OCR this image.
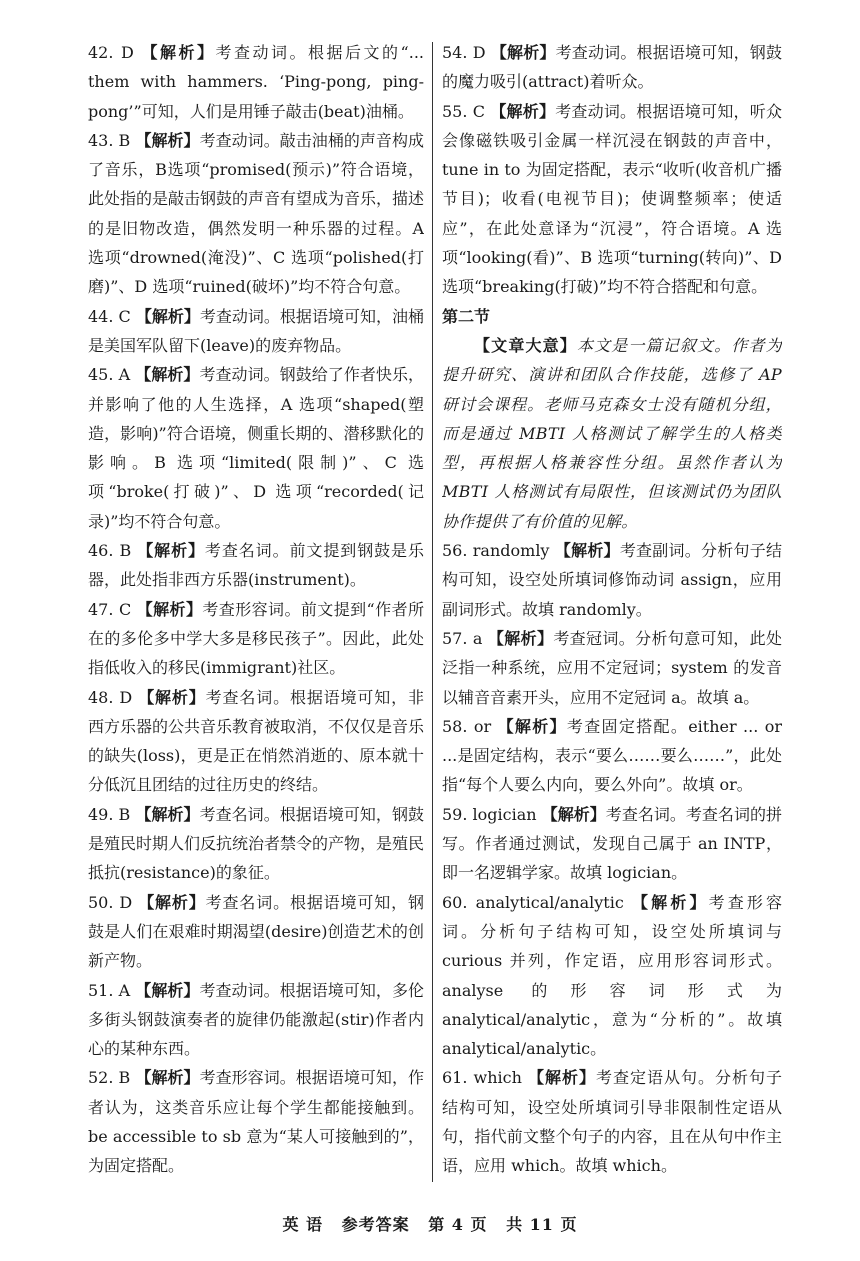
42. D 【解析】考查动词。根据后文的“... them with hammers. ‘Ping-pong, ping-pong’”可知，人们是用锤子敲击(beat)油桶。
43. B 【解析】考查动词。敲击油桶的声音构成了音乐，B选项“promised(预示)”符合语境，此处指的是敲击钢鼓的声音有望成为音乐，描述的是旧物改造，偶然发明一种乐器的过程。A 选项“drowned(淹没)”、C 选项“polished(打磨)”、D 选项“ruined(破坏)”均不符合句意。
44. C 【解析】考查动词。根据语境可知，油桶是美国军队留下(leave)的废弃物品。
45. A 【解析】考查动词。钢鼓给了作者快乐，并影响了他的人生选择，A 选项“shaped(塑造，影响)”符合语境，侧重长期的、潜移默化的影响。B 选项“limited(限制)”、C 选项“broke(打破)”、D 选项“recorded(记录)”均不符合句意。
46. B 【解析】考查名词。前文提到钢鼓是乐器，此处指非西方乐器(instrument)。
47. C 【解析】考查形容词。前文提到“作者所在的多伦多中学大多是移民孩子”。因此，此处指低收入的移民(immigrant)社区。
48. D 【解析】考查名词。根据语境可知，非西方乐器的公共音乐教育被取消，不仅仅是音乐的缺失(loss)，更是正在悄然消逝的、原本就十分低沉且团结的过往历史的终结。
49. B 【解析】考查名词。根据语境可知，钢鼓是殖民时期人们反抗统治者禁令的产物，是殖民抵抗(resistance)的象征。
50. D 【解析】考查名词。根据语境可知，钢鼓是人们在艰难时期渴望(desire)创造艺术的创新产物。
51. A 【解析】考查动词。根据语境可知，多伦多街头钢鼓演奏者的旋律仍能激起(stir)作者内心的某种东西。
52. B 【解析】考查形容词。根据语境可知，作者认为，这类音乐应让每个学生都能接触到。be accessible to sb 意为“某人可接触到的”，为固定搭配。
54. D 【解析】考查动词。根据语境可知，钢鼓的魔力吸引(attract)着听众。
55. C 【解析】考查动词。根据语境可知，听众会像磁铁吸引金属一样沉浸在钢鼓的声音中，tune in to 为固定搭配，表示“收听(收音机广播节目)；收看(电视节目)；使调整频率；使适应”，在此处意译为“沉浸”，符合语境。A 选项“looking(看)”、B 选项“turning(转向)”、D 选项“breaking(打破)”均不符合搭配和句意。
第二节
【文章大意】本文是一篇记叙文。作者为提升研究、演讲和团队合作技能，选修了 AP 研讨会课程。老师马克森女士没有随机分组，而是通过 MBTI 人格测试了解学生的人格类型，再根据人格兼容性分组。虽然作者认为 MBTI 人格测试有局限性，但该测试仍为团队协作提供了有价值的见解。
56. randomly 【解析】考查副词。分析句子结构可知，设空处所填词修饰动词 assign，应用副词形式。故填 randomly。
57. a 【解析】考查冠词。分析句意可知，此处泛指一种系统，应用不定冠词；system 的发音以辅音音素开头，应用不定冠词 a。故填 a。
58. or 【解析】考查固定搭配。either ... or ...是固定结构，表示“要么……要么……”，此处指“每个人要么内向，要么外向”。故填 or。
59. logician 【解析】考查名词。考查名词的拼写。作者通过测试，发现自己属于 an INTP，即一名逻辑学家。故填 logician。
60. analytical/analytic 【解析】考查形容词。分析句子结构可知，设空处所填词与 curious 并列，作定语，应用形容词形式。analyse 的形容词形式为 analytical/analytic，意为“分析的”。故填 analytical/analytic。
61. which 【解析】考查定语从句。分析句子结构可知，设空处所填词引导非限制性定语从句，指代前文整个句子的内容，且在从句中作主语，应用 which。故填 which。
英 语 参考答案 第 4 页 共 11 页
